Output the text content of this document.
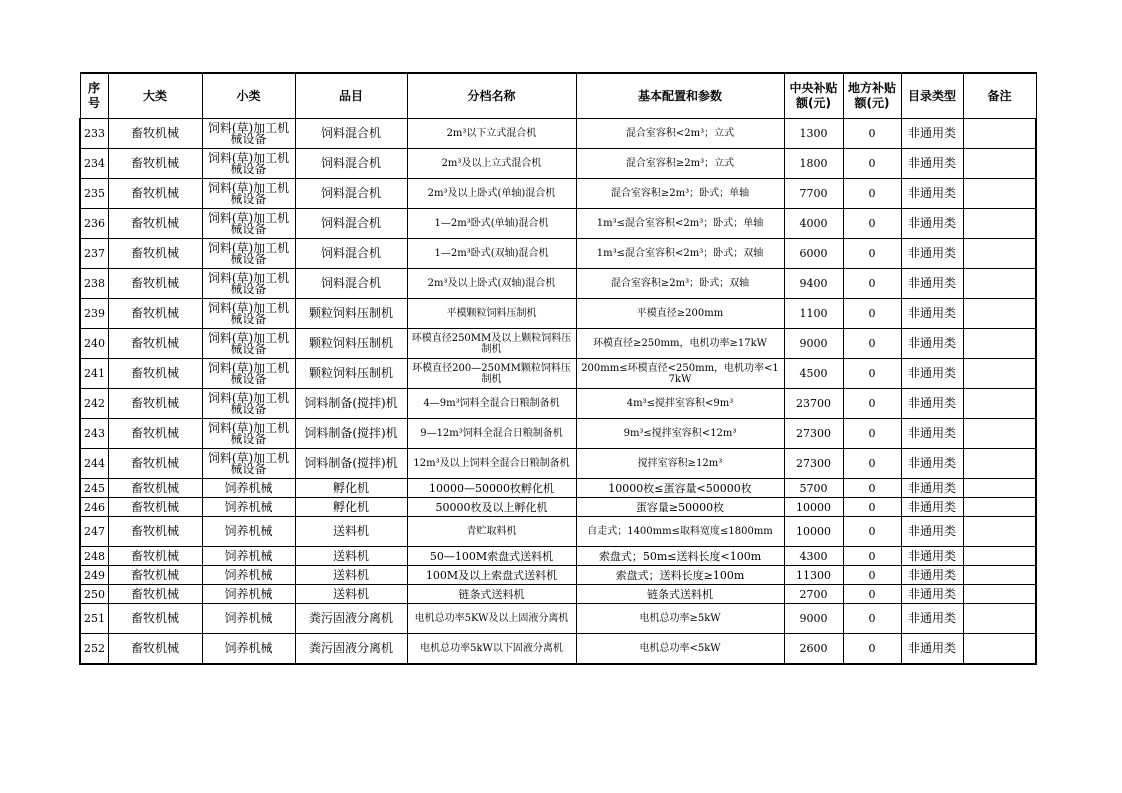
序号	大类	小类	品目	分档名称	基本配置和参数	中央补贴额(元)	地方补贴额(元)	目录类型	备注
233	畜牧机械	饲料(草)加工机械设备	饲料混合机	2m³以下立式混合机	混合室容积<2m³；立式	1300	0	非通用类	
234	畜牧机械	饲料(草)加工机械设备	饲料混合机	2m³及以上立式混合机	混合室容积≥2m³；立式	1800	0	非通用类	
235	畜牧机械	饲料(草)加工机械设备	饲料混合机	2m³及以上卧式(单轴)混合机	混合室容积≥2m³；卧式；单轴	7700	0	非通用类	
236	畜牧机械	饲料(草)加工机械设备	饲料混合机	1—2m³卧式(单轴)混合机	1m³≤混合室容积<2m³；卧式；单轴	4000	0	非通用类	
237	畜牧机械	饲料(草)加工机械设备	饲料混合机	1—2m³卧式(双轴)混合机	1m³≤混合室容积<2m³；卧式；双轴	6000	0	非通用类	
238	畜牧机械	饲料(草)加工机械设备	饲料混合机	2m³及以上卧式(双轴)混合机	混合室容积≥2m³；卧式；双轴	9400	0	非通用类	
239	畜牧机械	饲料(草)加工机械设备	颗粒饲料压制机	平模颗粒饲料压制机	平模直径≥200mm	1100	0	非通用类	
240	畜牧机械	饲料(草)加工机械设备	颗粒饲料压制机	环模直径250MM及以上颗粒饲料压制机	环模直径≥250mm，电机功率≥17kW	9000	0	非通用类	
241	畜牧机械	饲料(草)加工机械设备	颗粒饲料压制机	环模直径200—250MM颗粒饲料压制机	200mm≤环模直径<250mm，电机功率<17kW	4500	0	非通用类	
242	畜牧机械	饲料(草)加工机械设备	饲料制备(搅拌)机	4—9m³饲料全混合日粮制备机	4m³≤搅拌室容积<9m³	23700	0	非通用类	
243	畜牧机械	饲料(草)加工机械设备	饲料制备(搅拌)机	9—12m³饲料全混合日粮制备机	9m³≤搅拌室容积<12m³	27300	0	非通用类	
244	畜牧机械	饲料(草)加工机械设备	饲料制备(搅拌)机	12m³及以上饲料全混合日粮制备机	搅拌室容积≥12m³	27300	0	非通用类	
245	畜牧机械	饲养机械	孵化机	10000—50000枚孵化机	10000枚≤蛋容量<50000枚	5700	0	非通用类	
246	畜牧机械	饲养机械	孵化机	50000枚及以上孵化机	蛋容量≥50000枚	10000	0	非通用类	
247	畜牧机械	饲养机械	送料机	青贮取料机	自走式；1400mm≤取料宽度≤1800mm	10000	0	非通用类	
248	畜牧机械	饲养机械	送料机	50—100M索盘式送料机	索盘式；50m≤送料长度<100m	4300	0	非通用类	
249	畜牧机械	饲养机械	送料机	100M及以上索盘式送料机	索盘式；送料长度≥100m	11300	0	非通用类	
250	畜牧机械	饲养机械	送料机	链条式送料机	链条式送料机	2700	0	非通用类	
251	畜牧机械	饲养机械	粪污固液分离机	电机总功率5KW及以上固液分离机	电机总功率≥5kW	9000	0	非通用类	
252	畜牧机械	饲养机械	粪污固液分离机	电机总功率5kW以下固液分离机	电机总功率<5kW	2600	0	非通用类	
